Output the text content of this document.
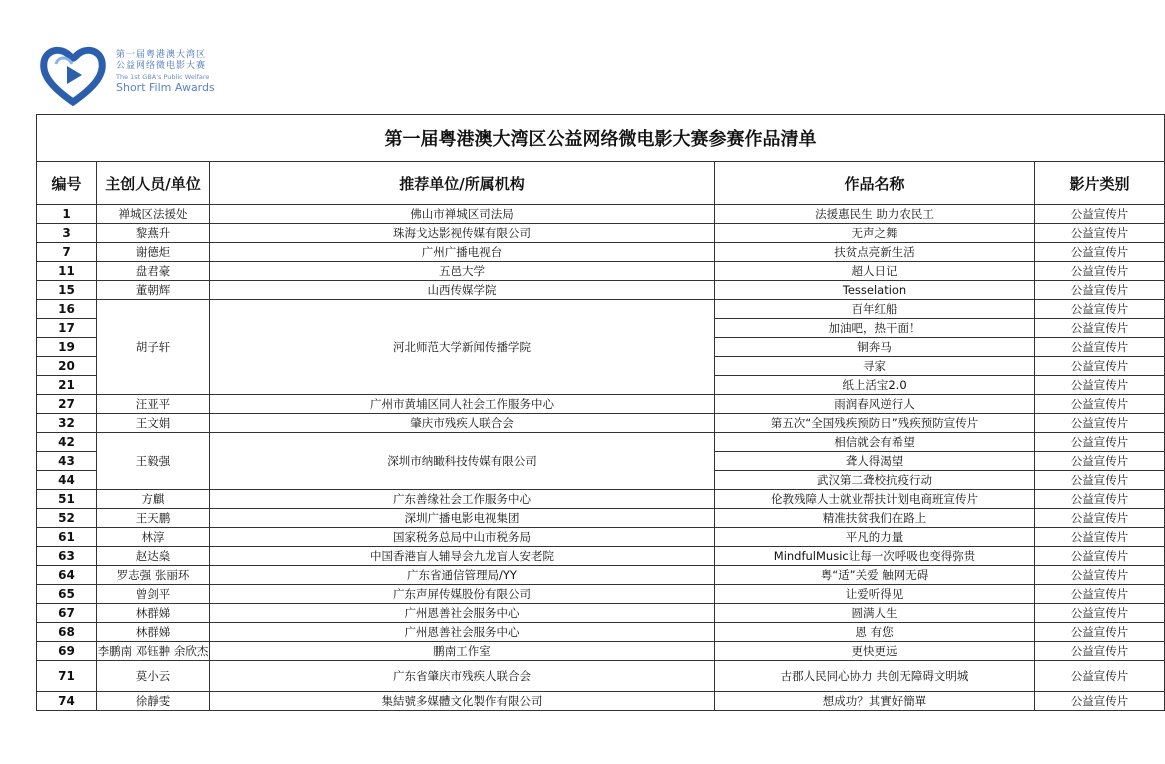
第一届粤港澳大湾区
公益网络微电影大赛
The 1st GBA's Public Welfare
Short Film Awards
第一届粤港澳大湾区公益网络微电影大赛参赛作品清单				
编号	主创人员/单位	推荐单位/所属机构	作品名称	影片类别
1	禅城区法援处	佛山市禅城区司法局	法援惠民生 助力农民工	公益宣传片
3	黎燕升	珠海戈达影视传媒有限公司	无声之舞	公益宣传片
7	谢德炬	广州广播电视台	扶贫点亮新生活	公益宣传片
11	盘君豪	五邑大学	超人日记	公益宣传片
15	董朝辉	山西传媒学院	Tesselation	公益宣传片
16	胡子轩	河北师范大学新闻传播学院	百年红船	公益宣传片
17			加油吧，热干面！	公益宣传片
19			铜奔马	公益宣传片
20			寻家	公益宣传片
21			纸上活宝2.0	公益宣传片
27	汪亚平	广州市黄埔区同人社会工作服务中心	雨润春风逆行人	公益宣传片
32	王文娟	肇庆市残疾人联合会	第五次“全国残疾预防日”残疾预防宣传片	公益宣传片
42	王毅强	深圳市纳瞰科技传媒有限公司	相信就会有希望	公益宣传片
43			聋人得渴望	公益宣传片
44			武汉第二聋校抗疫行动	公益宣传片
51	方麒	广东善缘社会工作服务中心	伦教残障人士就业帮扶计划电商班宣传片	公益宣传片
52	王天鹏	深圳广播电影电视集团	精准扶贫我们在路上	公益宣传片
61	林淳	国家税务总局中山市税务局	平凡的力量	公益宣传片
63	赵达燊	中国香港盲人辅导会九龙盲人安老院	MindfulMusic让每一次呼吸也变得弥贵	公益宣传片
64	罗志强 张丽环	广东省通信管理局/YY	粤“适”关爱 触网无碍	公益宣传片
65	曾剑平	广东声屏传媒股份有限公司	让爱听得见	公益宣传片
67	林群娣	广州恩善社会服务中心	圆满人生	公益宣传片
68	林群娣	广州恩善社会服务中心	恩 有您	公益宣传片
69	李鹏南 邓钰翀 余欣杰	鹏南工作室	更快更远	公益宣传片
71	莫小云	广东省肇庆市残疾人联合会	古郡人民同心协力 共创无障碍文明城	公益宣传片
74	徐靜雯	集結號多媒體文化製作有限公司	想成功？其實好簡單	公益宣传片
